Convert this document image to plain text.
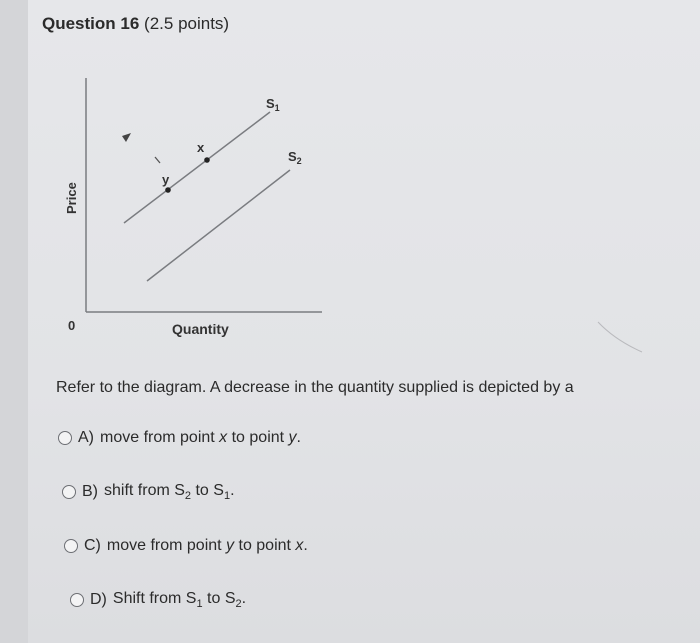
Question 16 (2.5 points)
x
y
$S_1$
$S_2$
Price
0	Quantity
Refer to the diagram. A decrease in the quantity supplied is depicted by a
A) move from point x to point y.
B) shift from $S_2$ to $S_1$.
C) move from point y to point x.
D) Shift from $S_1$ to $S_2$.
